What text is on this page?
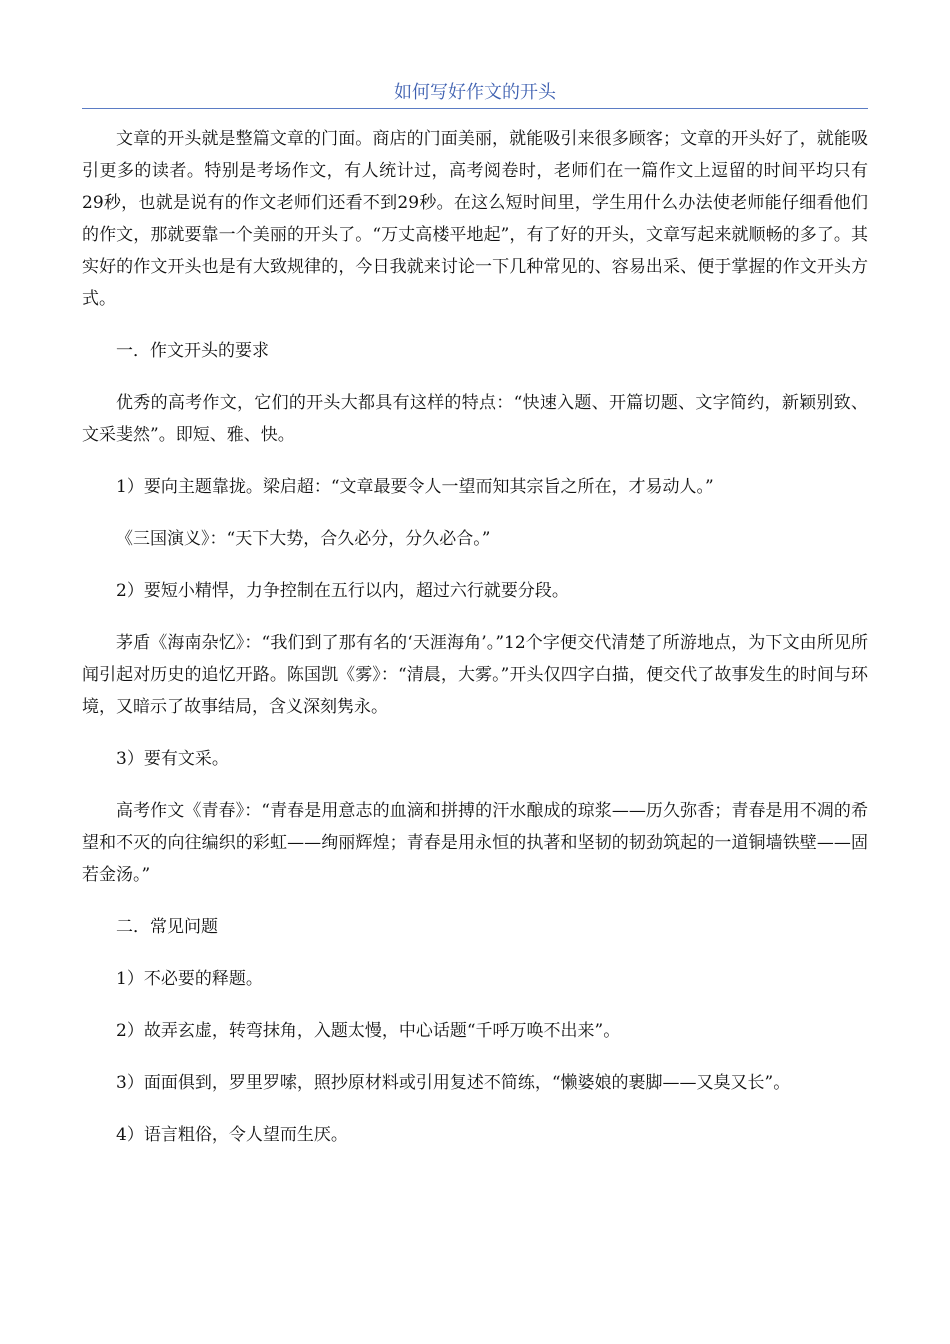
如何写好作文的开头

文章的开头就是整篇文章的门面。商店的门面美丽，就能吸引来很多顾客；文章的开头好了，就能吸引更多的读者。特别是考场作文，有人统计过，高考阅卷时，老师们在一篇作文上逗留的时间平均只有29秒，也就是说有的作文老师们还看不到29秒。在这么短时间里，学生用什么办法使老师能仔细看他们的作文，那就要靠一个美丽的开头了。“万丈高楼平地起”，有了好的开头，文章写起来就顺畅的多了。其实好的作文开头也是有大致规律的，今日我就来讨论一下几种常见的、容易出采、便于掌握的作文开头方式。

一．作文开头的要求

优秀的高考作文，它们的开头大都具有这样的特点：“快速入题、开篇切题、文字简约，新颖别致、文采斐然”。即短、雅、快。

1）要向主题靠拢。梁启超：“文章最要令人一望而知其宗旨之所在，才易动人。”

《三国演义》：“天下大势，合久必分，分久必合。”

2）要短小精悍，力争控制在五行以内，超过六行就要分段。

茅盾《海南杂忆》：“我们到了那有名的‘天涯海角’。”12个字便交代清楚了所游地点，为下文由所见所闻引起对历史的追忆开路。陈国凯《雾》：“清晨，大雾。”开头仅四字白描，便交代了故事发生的时间与环境，又暗示了故事结局，含义深刻隽永。

3）要有文采。

高考作文《青春》：“青春是用意志的血滴和拼搏的汗水酿成的琼浆——历久弥香；青春是用不凋的希望和不灭的向往编织的彩虹——绚丽辉煌；青春是用永恒的执著和坚韧的韧劲筑起的一道铜墙铁壁——固若金汤。”

二．常见问题

1）不必要的释题。

2）故弄玄虚，转弯抹角，入题太慢，中心话题“千呼万唤不出来”。

3）面面俱到，罗里罗嗦，照抄原材料或引用复述不简练，“懒婆娘的裹脚——又臭又长”。

4）语言粗俗，令人望而生厌。
